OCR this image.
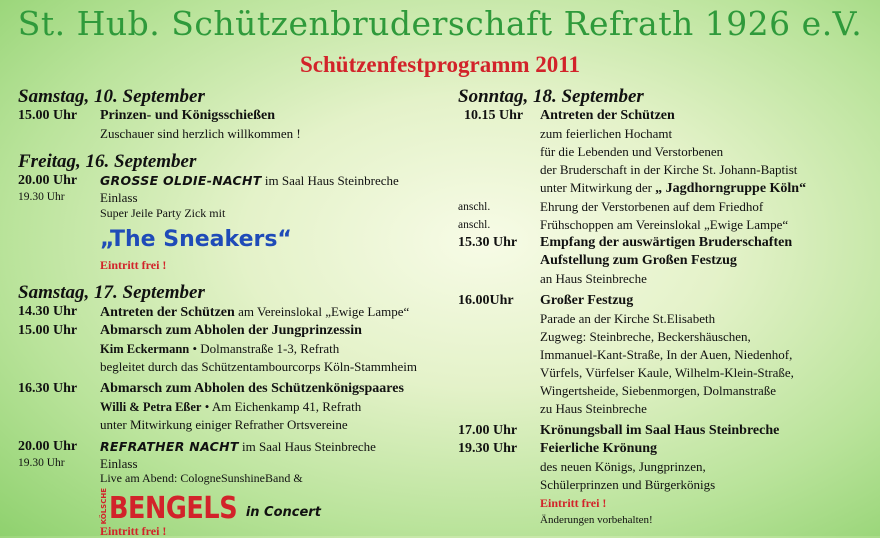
St. Hub. Schützenbruderschaft Refrath 1926 e.V.
Schützenfestprogramm 2011
Samstag, 10. September
15.00 Uhr	Prinzen- und Königsschießen
Zuschauer sind herzlich willkommen !
Freitag, 16. September
20.00 Uhr	GROSSE OLDIE-NACHT im Saal Haus Steinbreche
19.30 Uhr	Einlass
Super Jeile Party Zick mit
„The Sneakers“
Eintritt frei !
Samstag, 17. September
14.30 Uhr	Antreten der Schützen am Vereinslokal „Ewige Lampe“
15.00 Uhr	Abmarsch zum Abholen der Jungprinzessin
Kim Eckermann • Dolmanstraße 1-3, Refrath
begleitet durch das Schützentambourcorps Köln-Stammheim
16.30 Uhr	Abmarsch zum Abholen des Schützenkönigspaares
Willi & Petra Eßer • Am Eichenkamp 41, Refrath
unter Mitwirkung einiger Refrather Ortsvereine
20.00 Uhr	REFRATHER NACHT im Saal Haus Steinbreche
19.30 Uhr	Einlass
Live am Abend: CologneSunshineBand &
KÖLSCHE BENGELS in Concert
Eintritt frei !
Sonntag, 18. September
10.15 Uhr	Antreten der Schützen
zum feierlichen Hochamt
für die Lebenden und Verstorbenen
der Bruderschaft in der Kirche St. Johann-Baptist
unter Mitwirkung der „ Jagdhorngruppe Köln“
anschl.	Ehrung der Verstorbenen auf dem Friedhof
anschl.	Frühschoppen am Vereinslokal „Ewige Lampe“
15.30 Uhr	Empfang der auswärtigen Bruderschaften
Aufstellung zum Großen Festzug
an Haus Steinbreche
16.00Uhr	Großer Festzug
Parade an der Kirche St.Elisabeth
Zugweg: Steinbreche, Beckershäuschen,
Immanuel-Kant-Straße, In der Auen, Niedenhof,
Vürfels, Vürfelser Kaule, Wilhelm-Klein-Straße,
Wingertsheide, Siebenmorgen, Dolmanstraße
zu Haus Steinbreche
17.00 Uhr	Krönungsball im Saal Haus Steinbreche
19.30 Uhr	Feierliche Krönung
des neuen Königs, Jungprinzen,
Schülerprinzen und Bürgerkönigs
Eintritt frei !
Änderungen vorbehalten!
